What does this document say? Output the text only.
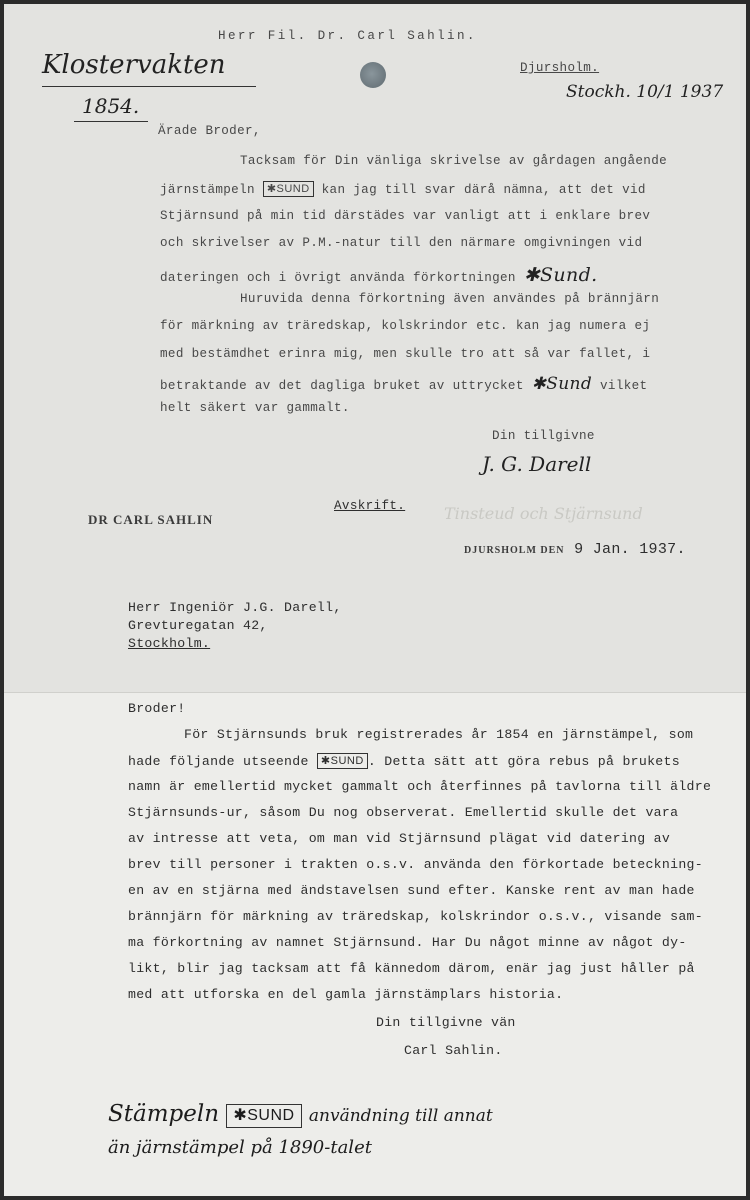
Herr Fil. Dr. Carl Sahlin.
Klostervakten
1854.
Djursholm.
Stockh. 10/1 1937
Ärade Broder,
Tacksam för Din vänliga skrivelse av gårdagen angående
järnstämpeln ✱SUND kan jag till svar därå nämna, att det vid
Stjärnsund på min tid därstädes var vanligt att i enklare brev
och skrivelser av P.M.-natur till den närmare omgivningen vid
dateringen och i övrigt använda förkortningen ✱Sund.
Huruvida denna förkortning även användes på brännjärn
för märkning av träredskap, kolskrindor etc. kan jag numera ej
med bestämdhet erinra mig, men skulle tro att så var fallet, i
betraktande av det dagliga bruket av uttrycket ✱Sund vilket
helt säkert var gammalt.
Din tillgivne
J. G. Darell
Avskrift. Tinsteud och Stjärnsund
DR CARL SAHLIN
DJURSHOLM DEN 9 Jan. 1937.
Herr Ingeniör J.G. Darell,
Grevturegatan 42,
Stockholm.
Broder!
För Stjärnsunds bruk registrerades år 1854 en järnstämpel, som
hade följande utseende ✱SUND . Detta sätt att göra rebus på brukets
namn är emellertid mycket gammalt och återfinnes på tavlorna till äldre
Stjärnsunds-ur, såsom Du nog observerat. Emellertid skulle det vara
av intresse att veta, om man vid Stjärnsund plägat vid datering av
brev till personer i trakten o.s.v. använda den förkortade beteckning-
en av en stjärna med ändstavelsen sund efter. Kanske rent av man hade
brännjärn för märkning av träredskap, kolskrindor o.s.v., visande sam-
ma förkortning av namnet Stjärnsund. Har Du något minne av något dy-
likt, blir jag tacksam att få kännedom därom, enär jag just håller på
med att utforska en del gamla järnstämplars historia.
Din tillgivne vän
Carl Sahlin.
Stämpeln ✱SUND användning till annat
än järnstämpel på 1890-talet
